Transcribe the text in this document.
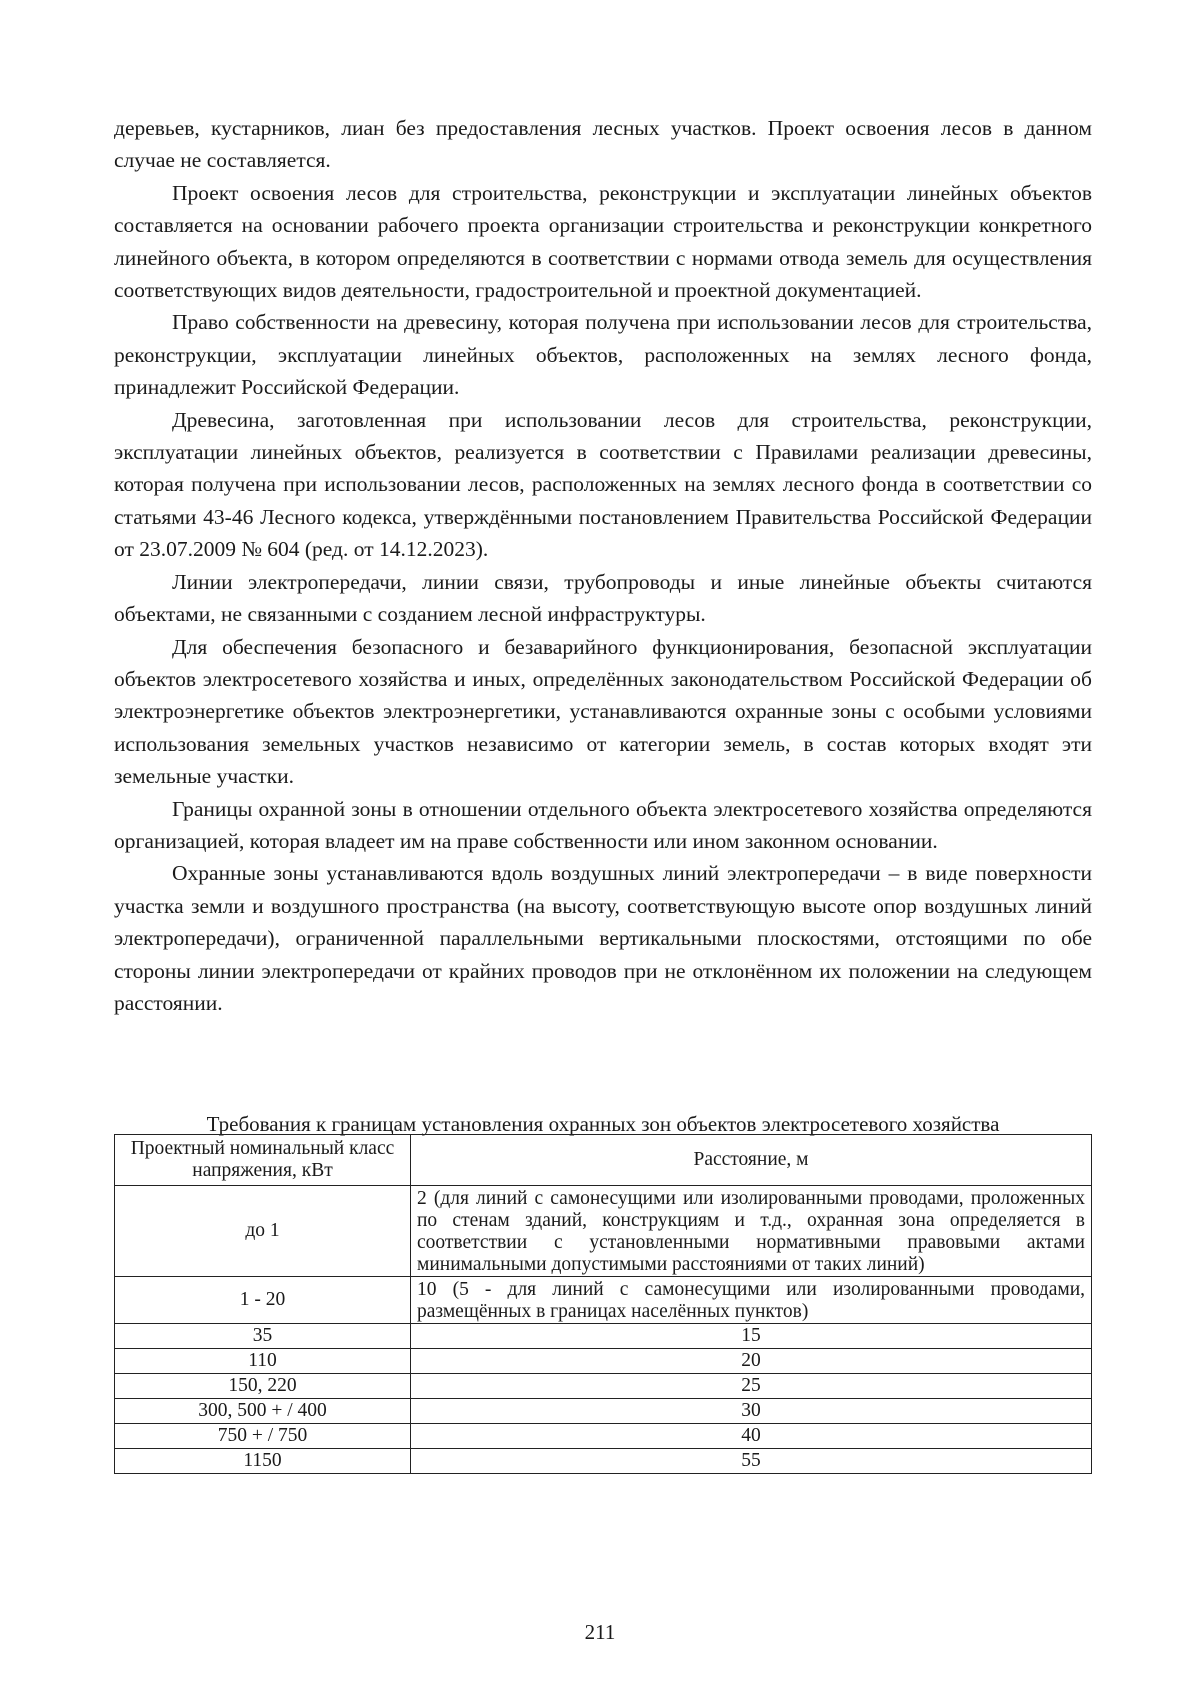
деревьев, кустарников, лиан без предоставления лесных участков. Проект освоения лесов в данном случае не составляется.

Проект освоения лесов для строительства, реконструкции и эксплуатации линейных объектов составляется на основании рабочего проекта организации строительства и реконструкции конкретного линейного объекта, в котором определяются в соответствии с нормами отвода земель для осуществления соответствующих видов деятельности, градостроительной и проектной документацией.

Право собственности на древесину, которая получена при использовании лесов для строительства, реконструкции, эксплуатации линейных объектов, расположенных на землях лесного фонда, принадлежит Российской Федерации.

Древесина, заготовленная при использовании лесов для строительства, реконструкции, эксплуатации линейных объектов, реализуется в соответствии с Правилами реализации древесины, которая получена при использовании лесов, расположенных на землях лесного фонда в соответствии со статьями 43-46 Лесного кодекса, утверждёнными постановлением Правительства Российской Федерации от 23.07.2009 № 604 (ред. от 14.12.2023).

Линии электропередачи, линии связи, трубопроводы и иные линейные объекты считаются объектами, не связанными с созданием лесной инфраструктуры.

Для обеспечения безопасного и безаварийного функционирования, безопасной эксплуатации объектов электросетевого хозяйства и иных, определённых законодательством Российской Федерации об электроэнергетике объектов электроэнергетики, устанавливаются охранные зоны с особыми условиями использования земельных участков независимо от категории земель, в состав которых входят эти земельные участки.

Границы охранной зоны в отношении отдельного объекта электросетевого хозяйства определяются организацией, которая владеет им на праве собственности или ином законном основании.

Охранные зоны устанавливаются вдоль воздушных линий электропередачи – в виде поверхности участка земли и воздушного пространства (на высоту, соответствующую высоте опор воздушных линий электропередачи), ограниченной параллельными вертикальными плоскостями, отстоящими по обе стороны линии электропередачи от крайних проводов при не отклонённом их положении на следующем расстоянии.

Требования к границам установления охранных зон объектов электросетевого хозяйства
Проектный номинальный класс напряжения, кВт	Расстояние, м
до 1	2 (для линий с самонесущими или изолированными проводами, проложенных по стенам зданий, конструкциям и т.д., охранная зона определяется в соответствии с установленными нормативными правовыми актами минимальными допустимыми расстояниями от таких линий)
1 - 20	10 (5 - для линий с самонесущими или изолированными проводами, размещённых в границах населённых пунктов)
35	15
110	20
150, 220	25
300, 500 + / 400	30
750 + / 750	40
1150	55
211
